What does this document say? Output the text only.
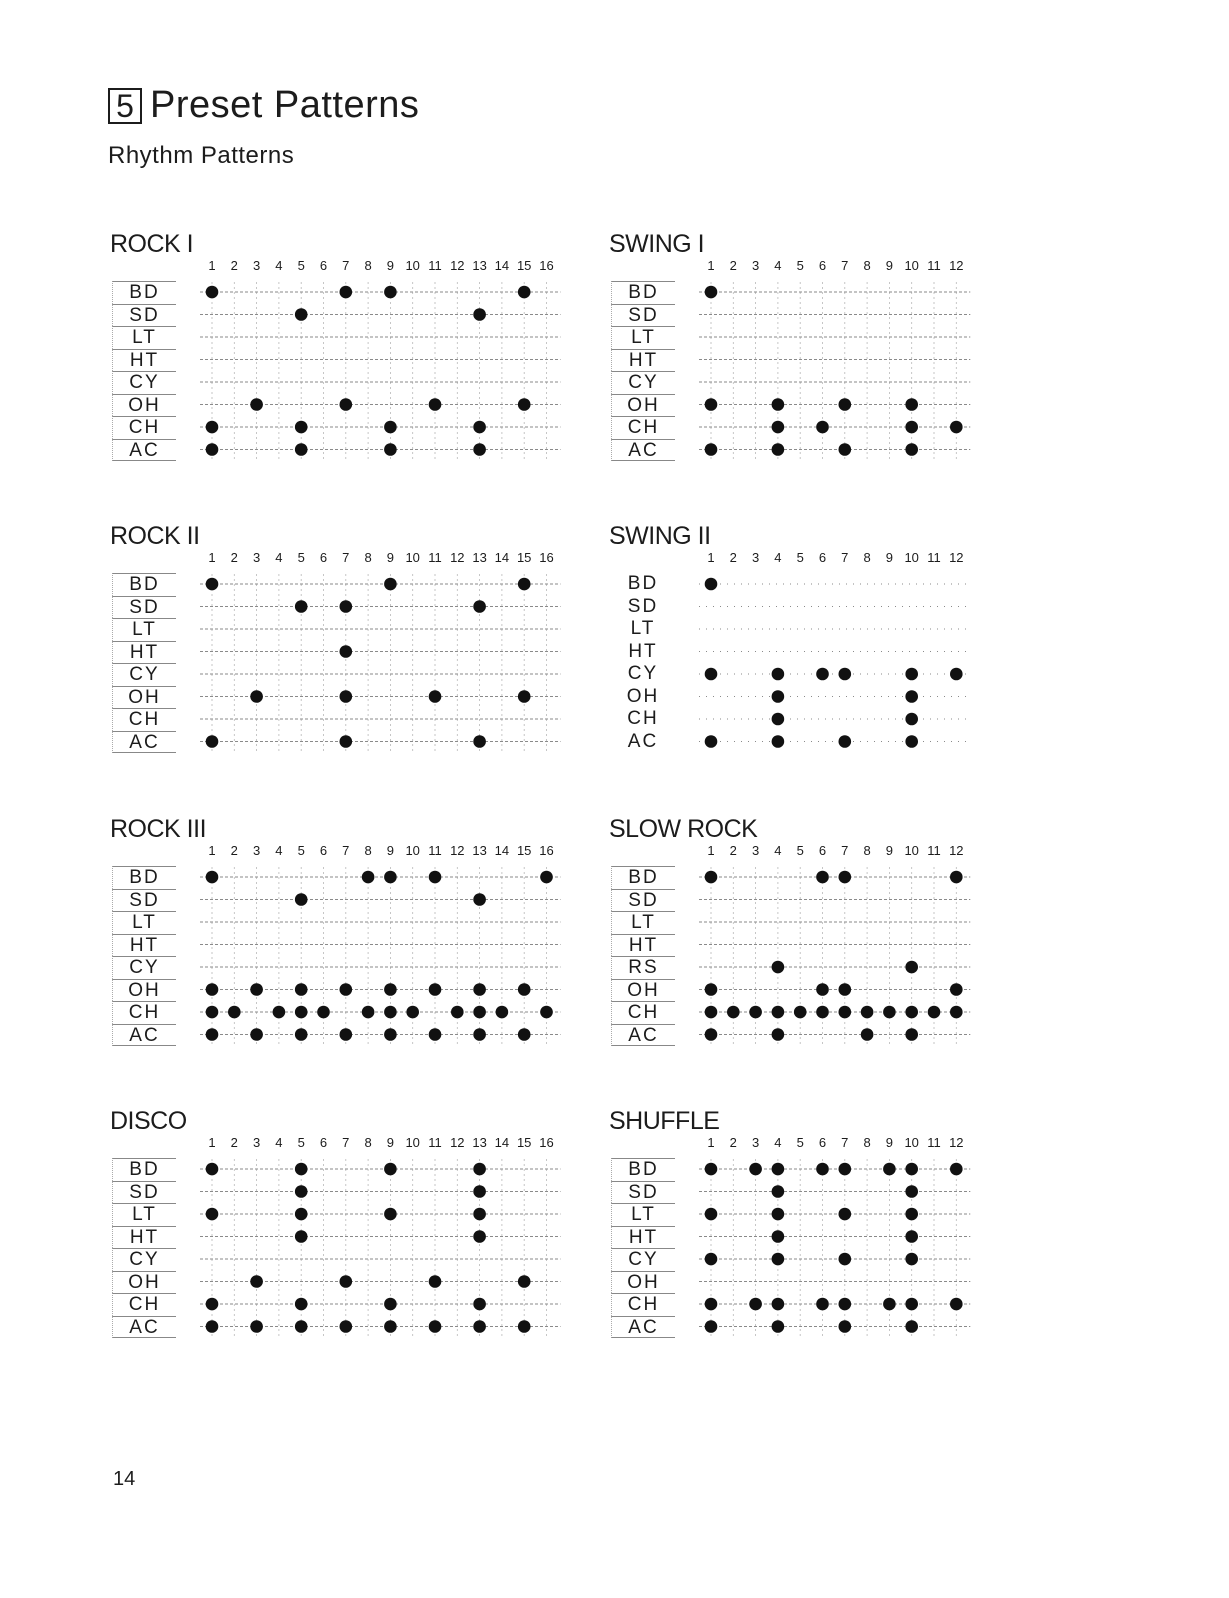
5 Preset Patterns
Rhythm Patterns
ROCK I
BD
SD
LT
HT
CY
OH
CH
AC
1 2 3 4 5 6 7 8 9 10 11 12 13 14 15 16
SWING I
BD
SD
LT
HT
CY
OH
CH
AC
1 2 3 4 5 6 7 8 9 10 11 12
ROCK II
BD
SD
LT
HT
CY
OH
CH
AC
1 2 3 4 5 6 7 8 9 10 11 12 13 14 15 16
SWING II
BD
SD
LT
HT
CY
OH
CH
AC
1 2 3 4 5 6 7 8 9 10 11 12
ROCK III
BD
SD
LT
HT
CY
OH
CH
AC
1 2 3 4 5 6 7 8 9 10 11 12 13 14 15 16
SLOW ROCK
BD
SD
LT
HT
RS
OH
CH
AC
1 2 3 4 5 6 7 8 9 10 11 12
DISCO
BD
SD
LT
HT
CY
OH
CH
AC
1 2 3 4 5 6 7 8 9 10 11 12 13 14 15 16
SHUFFLE
BD
SD
LT
HT
CY
OH
CH
AC
1 2 3 4 5 6 7 8 9 10 11 12
14
